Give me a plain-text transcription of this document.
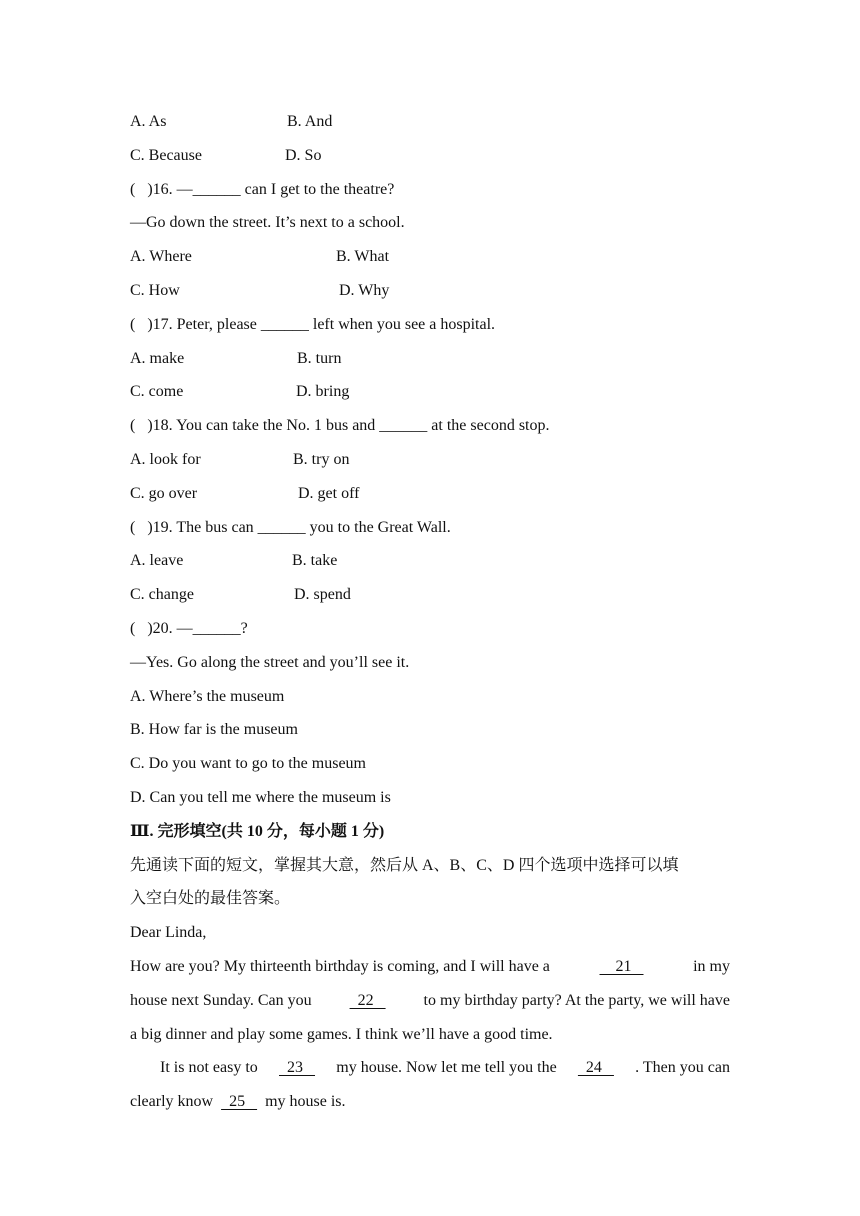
A. As	B. And
C. Because	D. So
(   )16. —______ can I get to the theatre?
—Go down the street. It’s next to a school.
A. Where	B. What
C. How	D. Why
(   )17. Peter, please ______ left when you see a hospital.
A. make	B. turn
C. come	D. bring
(   )18. You can take the No. 1 bus and ______ at the second stop.
A. look for	B. try on
C. go over	D. get off
(   )19. The bus can ______ you to the Great Wall.
A. leave	B. take
C. change	D. spend
(   )20. —______?
—Yes. Go along the street and you’ll see it.
A. Where’s the museum
B. How far is the museum
C. Do you want to go to the museum
D. Can you tell me where the museum is
Ⅲ. 完形填空(共 10 分，每小题 1 分)
先通读下面的短文，掌握其大意，然后从 A、B、C、D 四个选项中选择可以填
入空白处的最佳答案。
Dear Linda,
How are you? My thirteenth birthday is coming, and I will have a	21	in my
house next Sunday. Can you 22 to my birthday party? At the party, we will have
a big dinner and play some games. I think we’ll have a good time.
It is not easy to 23 my house. Now let me tell you the 24 . Then you can
clearly know   25    my house is.
